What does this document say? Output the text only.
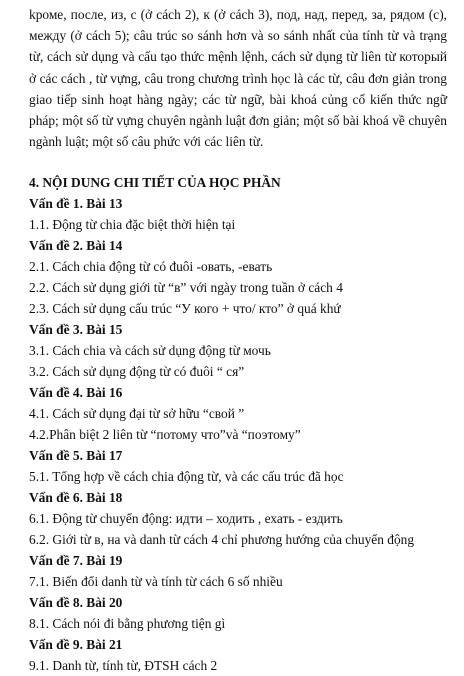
kроме, после, из, с (ở cách 2), к (ở cách 3), под, над, перед, за, рядом (с), между (ở cách 5); câu trúc so sánh hơn và so sánh nhất của tính từ và trạng từ, cách sử dụng và cấu tạo thức mệnh lệnh, cách sử dụng từ liên từ который ở các cách , từ vựng, câu trong chương trình học là các từ, câu đơn giản trong giao tiếp sinh hoạt hàng ngày; các từ ngữ, bài khoá củng cố kiến thức ngữ pháp; một số từ vựng chuyên ngành luật đơn giản; một số bài khoá về chuyên ngành luật; một số câu phức với các liên từ.

4. NỘI DUNG CHI TIẾT CỦA HỌC PHẦN
Vấn đề 1. Bài 13
1.1. Động từ chia đặc biệt thời hiện tại
Vấn đề 2. Bài 14
2.1. Cách chia động từ có đuôi -овать, -евать
2.2. Cách sử dụng giới từ “в” với ngày trong tuần ở cách 4
2.3. Cách sử dụng cấu trúc “У кого + что/ кто” ở quá khứ
Vấn đề 3. Bài 15
3.1. Cách chia và cách sử dụng động từ мочь
3.2. Cách sử dụng động từ có đuôi “ ся”
Vấn đề 4. Bài 16
4.1. Cách sử dụng đại từ sở hữu “свой ”
4.2.Phân biệt 2 liên từ “потому что”và “поэтому”
Vấn đề 5. Bài 17
5.1. Tổng hợp về cách chia động từ, và các cấu trúc đã học
Vấn đề 6. Bài 18
6.1. Động từ chuyển động: идти – ходить , ехать - ездить
6.2. Giới từ в, на và danh từ cách 4 chỉ phương hướng của chuyển động
Vấn đề 7. Bài 19
7.1. Biến đổi danh từ và tính từ cách 6 số nhiều
Vấn đề 8. Bài 20
8.1. Cách nói đi bằng phương tiện gì
Vấn đề 9. Bài 21
9.1. Danh từ, tính từ, ĐTSH cách 2
